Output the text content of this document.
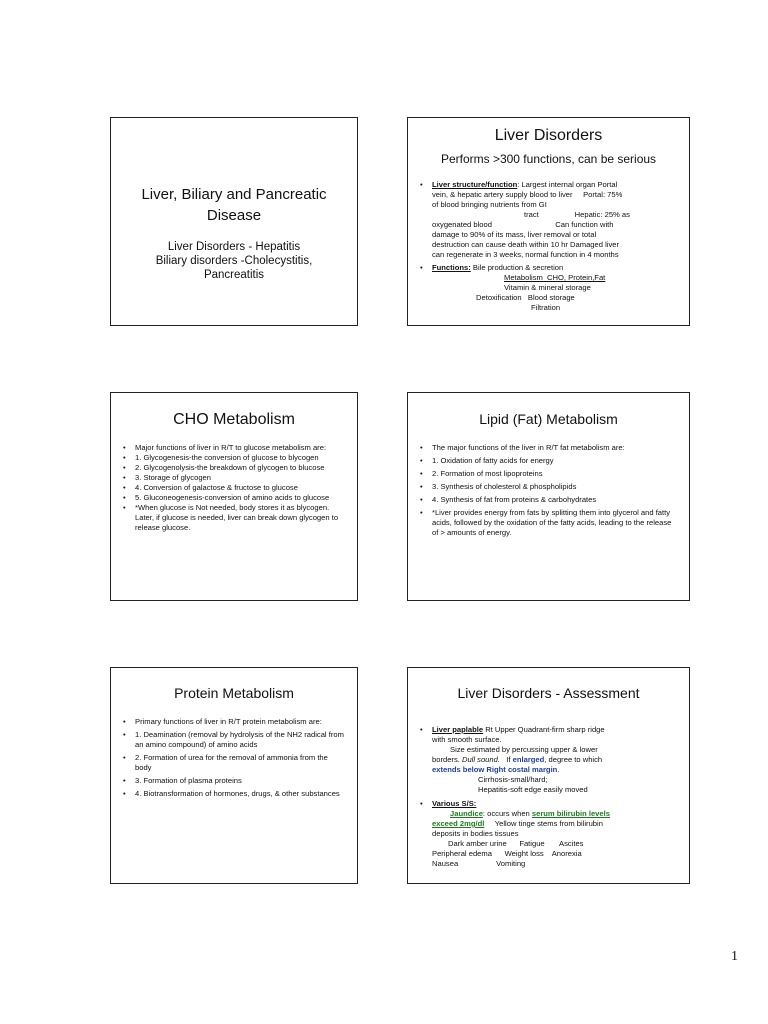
Liver, Biliary and Pancreatic
Disease
Liver Disorders - Hepatitis
Biliary disorders -Cholecystitis,
Pancreatitis
Liver Disorders
Performs >300 functions, can be serious
• Liver structure/function: Largest internal organ Portal
vein, & hepatic artery supply blood to liver     Portal: 75%
of blood bringing nutrients from GI
tract                 Hepatic: 25% as
oxygenated blood                              Can function with
damage to 90% of its mass, liver removal or total
destruction can cause death within 10 hr Damaged liver
can regenerate in 3 weeks, normal function in 4 months
• Functions: Bile production & secretion
Metabolism  CHO, Protein,Fat
Vitamin & mineral storage
Detoxification   Blood storage
Filtration
CHO Metabolism
• Major functions of liver in R/T to glucose metabolism are:
• 1. Glycogenesis-the conversion of glucose to blycogen
• 2. Glycogenolysis-the breakdown of glycogen to blucose
• 3. Storage of glycogen
• 4. Conversion of galactose & fructose to glucose
• 5. Gluconeogenesis-conversion of amino acids to glucose
• *When glucose is Not needed, body stores it as blycogen. Later, if glucose is needed, liver can break down glycogen to release glucose.
Lipid (Fat) Metabolism
• The major functions of the liver in R/T fat metabolism are:
• 1. Oxidation of fatty acids for energy
• 2. Formation of most lipoproteins
• 3. Synthesis of cholesterol & phospholipids
• 4. Synthesis of fat from proteins & carbohydrates
• *Liver provides energy from fats by splitting them into glycerol and fatty acids, followed by the oxidation of the fatty acids, leading to the release of > amounts of energy.
Protein Metabolism
• Primary functions of liver in R/T protein metabolism are:
• 1. Deamination (removal by hydrolysis of the NH2 radical from an amino compound) of amino acids
• 2. Formation of urea for the removal of ammonia from the body
• 3. Formation of plasma proteins
• 4. Biotransformation of hormones, drugs, & other substances
Liver Disorders - Assessment
• Liver paplable Rt Upper Quadrant-firm sharp ridge
with smooth surface.
Size estimated by percussing upper & lower
borders. Dull sound.   If enlarged, degree to which
extends below Right costal margin.
Cirrhosis-small/hard;
Hepatitis-soft edge easily moved
• Various S/S:
Jaundice: occurs when serum bilirubin levels
exceed 2mg/dl     Yellow tinge stems from bilirubin
deposits in bodies tissues
Dark amber urine      Fatigue       Ascites
Peripheral edema      Weight loss    Anorexia
Nausea                  Vomiting
1
